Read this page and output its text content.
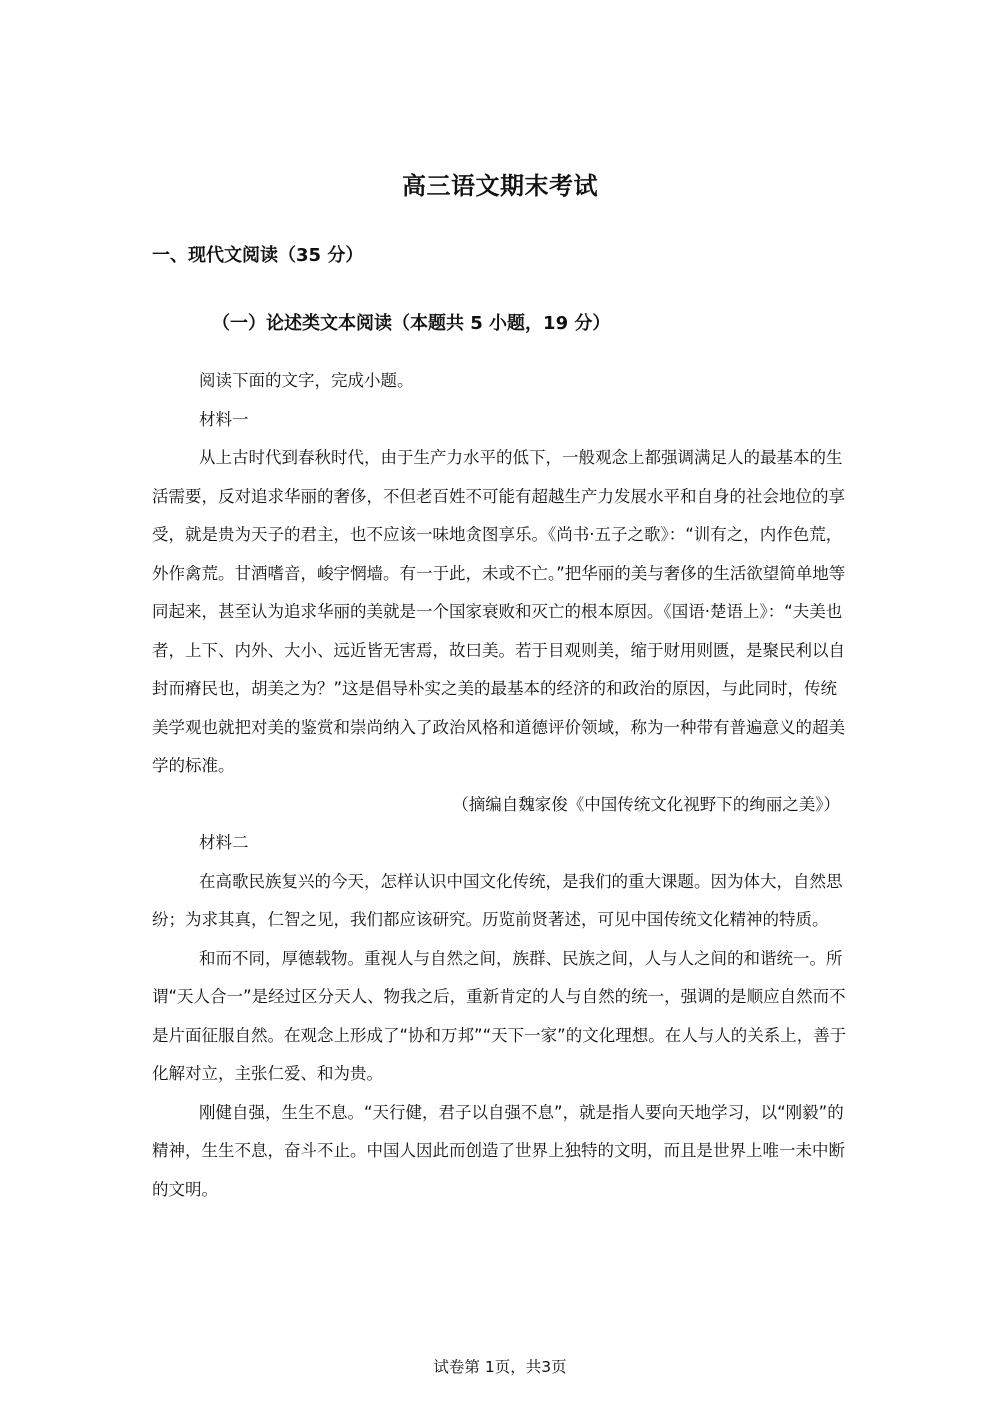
高三语文期末考试
一、现代文阅读（35 分）
（一）论述类文本阅读（本题共 5 小题，19 分）

阅读下面的文字，完成小题。

材料一

从上古时代到春秋时代，由于生产力水平的低下，一般观念上都强调满足人的最基本的生活需要，反对追求华丽的奢侈，不但老百姓不可能有超越生产力发展水平和自身的社会地位的享受，就是贵为天子的君主，也不应该一味地贪图享乐。《尚书·五子之歌》：“训有之，内作色荒，外作禽荒。甘酒嗜音，峻宇惘墙。有一于此，未或不亡。”把华丽的美与奢侈的生活欲望简单地等同起来，甚至认为追求华丽的美就是一个国家衰败和灭亡的根本原因。《国语·楚语上》：“夫美也者，上下、内外、大小、远近皆无害焉，故曰美。若于目观则美，缩于财用则匮，是聚民利以自封而瘠民也，胡美之为？”这是倡导朴实之美的最基本的经济的和政治的原因，与此同时，传统美学观也就把对美的鉴赏和崇尚纳入了政治风格和道德评价领域，称为一种带有普遍意义的超美学的标准。

（摘编自魏家俊《中国传统文化视野下的绚丽之美》）

材料二

在高歌民族复兴的今天，怎样认识中国文化传统，是我们的重大课题。因为体大，自然思纷；为求其真，仁智之见，我们都应该研究。历览前贤著述，可见中国传统文化精神的特质。

和而不同，厚德载物。重视人与自然之间，族群、民族之间，人与人之间的和谐统一。所谓“天人合一”是经过区分天人、物我之后，重新肯定的人与自然的统一，强调的是顺应自然而不是片面征服自然。在观念上形成了“协和万邦”“天下一家”的文化理想。在人与人的关系上，善于化解对立，主张仁爱、和为贵。

刚健自强，生生不息。“天行健，君子以自强不息”，就是指人要向天地学习，以“刚毅”的精神，生生不息，奋斗不止。中国人因此而创造了世界上独特的文明，而且是世界上唯一未中断的文明。

试卷第 1页，共3页
